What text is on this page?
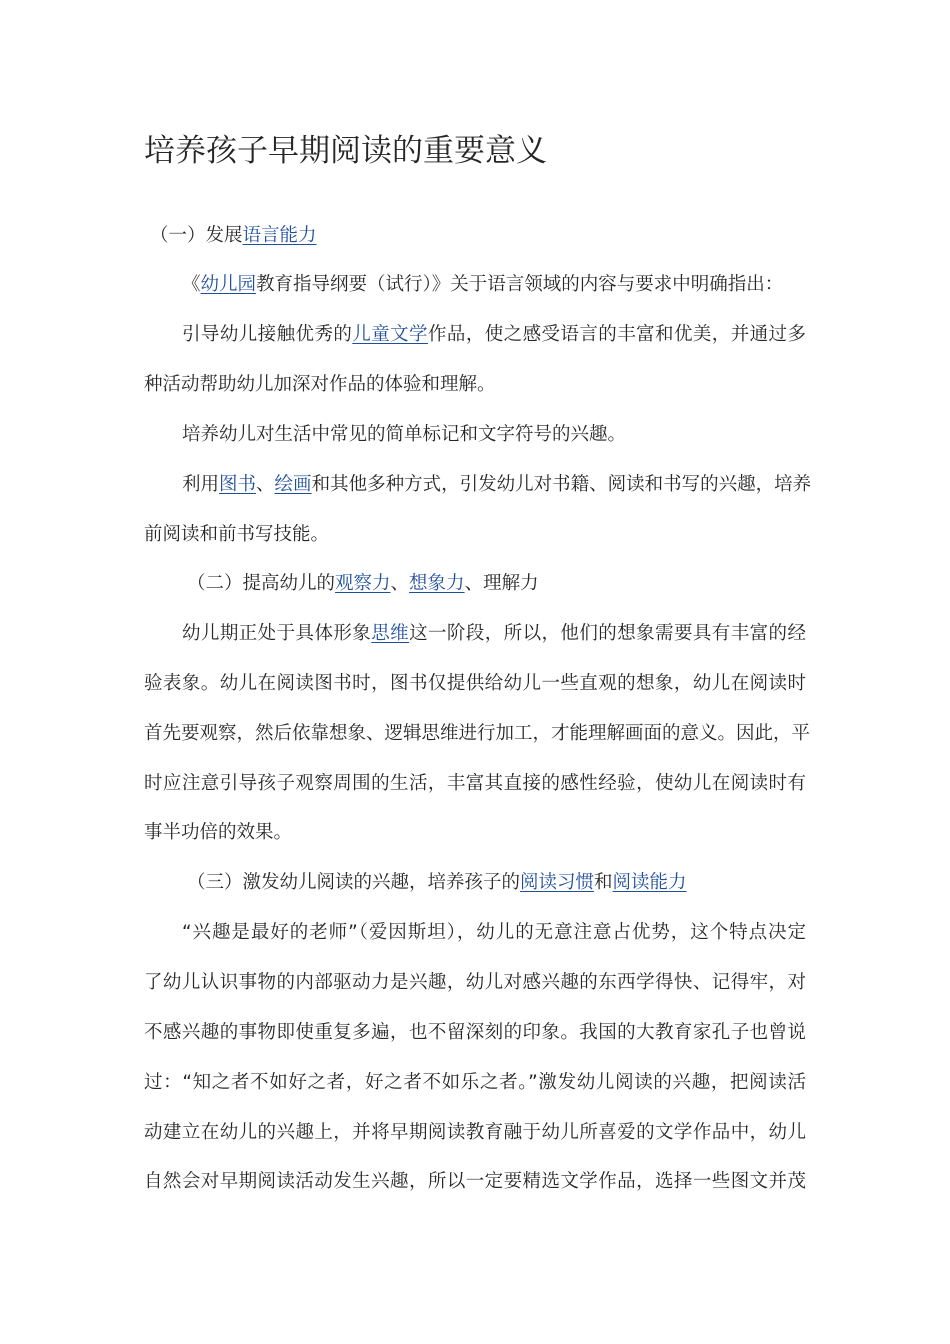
培养孩子早期阅读的重要意义
（一）发展语言能力
《幼儿园教育指导纲要（试行）》关于语言领域的内容与要求中明确指出：
引导幼儿接触优秀的儿童文学作品，使之感受语言的丰富和优美，并通过多
种活动帮助幼儿加深对作品的体验和理解。
培养幼儿对生活中常见的简单标记和文字符号的兴趣。
利用图书、绘画和其他多种方式，引发幼儿对书籍、阅读和书写的兴趣，培养
前阅读和前书写技能。
（二）提高幼儿的观察力、想象力、理解力
幼儿期正处于具体形象思维这一阶段，所以，他们的想象需要具有丰富的经
验表象。幼儿在阅读图书时，图书仅提供给幼儿一些直观的想象，幼儿在阅读时
首先要观察，然后依靠想象、逻辑思维进行加工，才能理解画面的意义。因此，平
时应注意引导孩子观察周围的生活，丰富其直接的感性经验，使幼儿在阅读时有
事半功倍的效果。
（三）激发幼儿阅读的兴趣，培养孩子的阅读习惯和阅读能力
“兴趣是最好的老师”（爱因斯坦），幼儿的无意注意占优势，这个特点决定
了幼儿认识事物的内部驱动力是兴趣，幼儿对感兴趣的东西学得快、记得牢，对
不感兴趣的事物即使重复多遍，也不留深刻的印象。我国的大教育家孔子也曾说
过：“知之者不如好之者，好之者不如乐之者。”激发幼儿阅读的兴趣，把阅读活
动建立在幼儿的兴趣上，并将早期阅读教育融于幼儿所喜爱的文学作品中，幼儿
自然会对早期阅读活动发生兴趣，所以一定要精选文学作品，选择一些图文并茂
